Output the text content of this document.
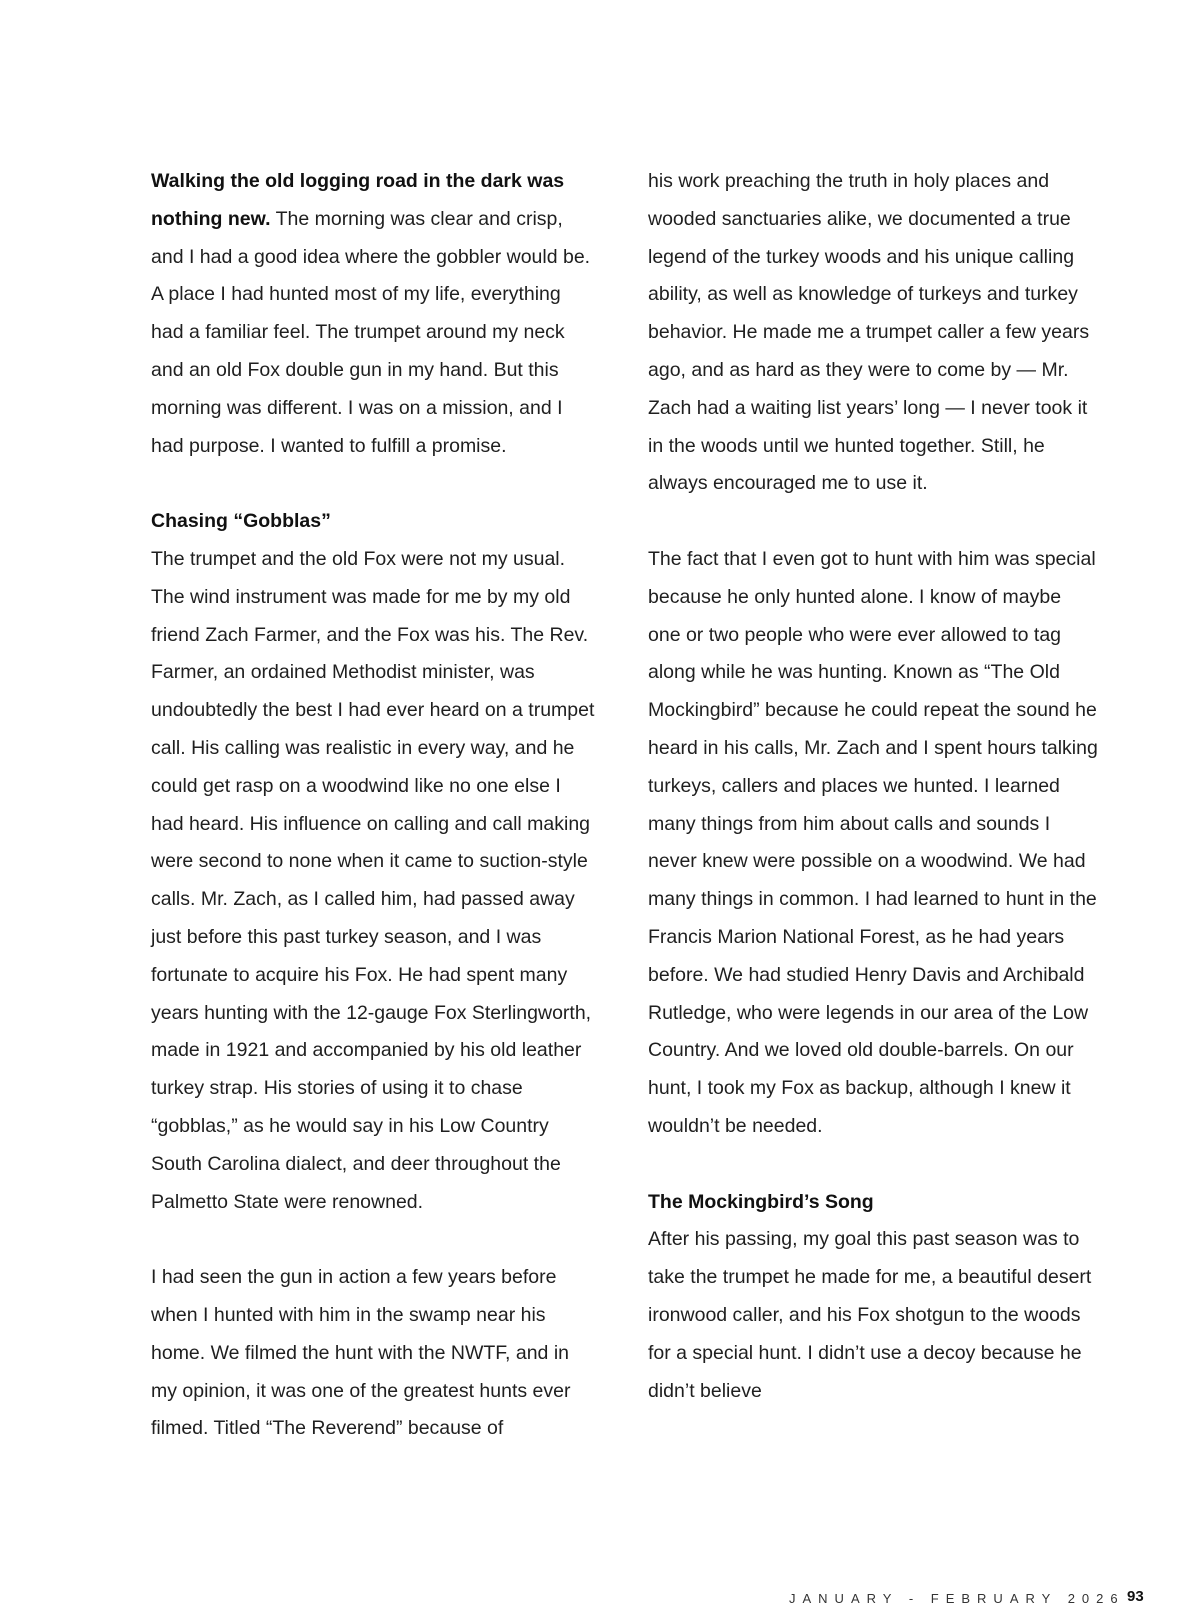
Walking the old logging road in the dark was nothing new. The morning was clear and crisp, and I had a good idea where the gobbler would be. A place I had hunted most of my life, everything had a familiar feel. The trumpet around my neck and an old Fox double gun in my hand. But this morning was different. I was on a mission, and I had purpose. I wanted to fulfill a promise.

Chasing “Gobblas”

The trumpet and the old Fox were not my usual. The wind instrument was made for me by my old friend Zach Farmer, and the Fox was his. The Rev. Farmer, an ordained Methodist minister, was undoubtedly the best I had ever heard on a trumpet call. His calling was realistic in every way, and he could get rasp on a woodwind like no one else I had heard. His influence on calling and call making were second to none when it came to suction-style calls. Mr. Zach, as I called him, had passed away just before this past turkey season, and I was fortunate to acquire his Fox. He had spent many years hunting with the 12-gauge Fox Sterlingworth, made in 1921 and accompanied by his old leather turkey strap. His stories of using it to chase “gobblas,” as he would say in his Low Country South Carolina dialect, and deer throughout the Palmetto State were renowned.

I had seen the gun in action a few years before when I hunted with him in the swamp near his home. We filmed the hunt with the NWTF, and in my opinion, it was one of the greatest hunts ever filmed. Titled “The Reverend” because of

his work preaching the truth in holy places and wooded sanctuaries alike, we documented a true legend of the turkey woods and his unique calling ability, as well as knowledge of turkeys and turkey behavior. He made me a trumpet caller a few years ago, and as hard as they were to come by — Mr. Zach had a waiting list years’ long — I never took it in the woods until we hunted together. Still, he always encouraged me to use it.

The fact that I even got to hunt with him was special because he only hunted alone. I know of maybe one or two people who were ever allowed to tag along while he was hunting. Known as “The Old Mockingbird” because he could repeat the sound he heard in his calls, Mr. Zach and I spent hours talking turkeys, callers and places we hunted. I learned many things from him about calls and sounds I never knew were possible on a woodwind. We had many things in common. I had learned to hunt in the Francis Marion National Forest, as he had years before. We had studied Henry Davis and Archibald Rutledge, who were legends in our area of the Low Country. And we loved old double-barrels. On our hunt, I took my Fox as backup, although I knew it wouldn’t be needed.

The Mockingbird’s Song

After his passing, my goal this past season was to take the trumpet he made for me, a beautiful desert ironwood caller, and his Fox shotgun to the woods for a special hunt. I didn’t use a decoy because he didn’t believe

JANUARY - FEBRUARY 2026 93
